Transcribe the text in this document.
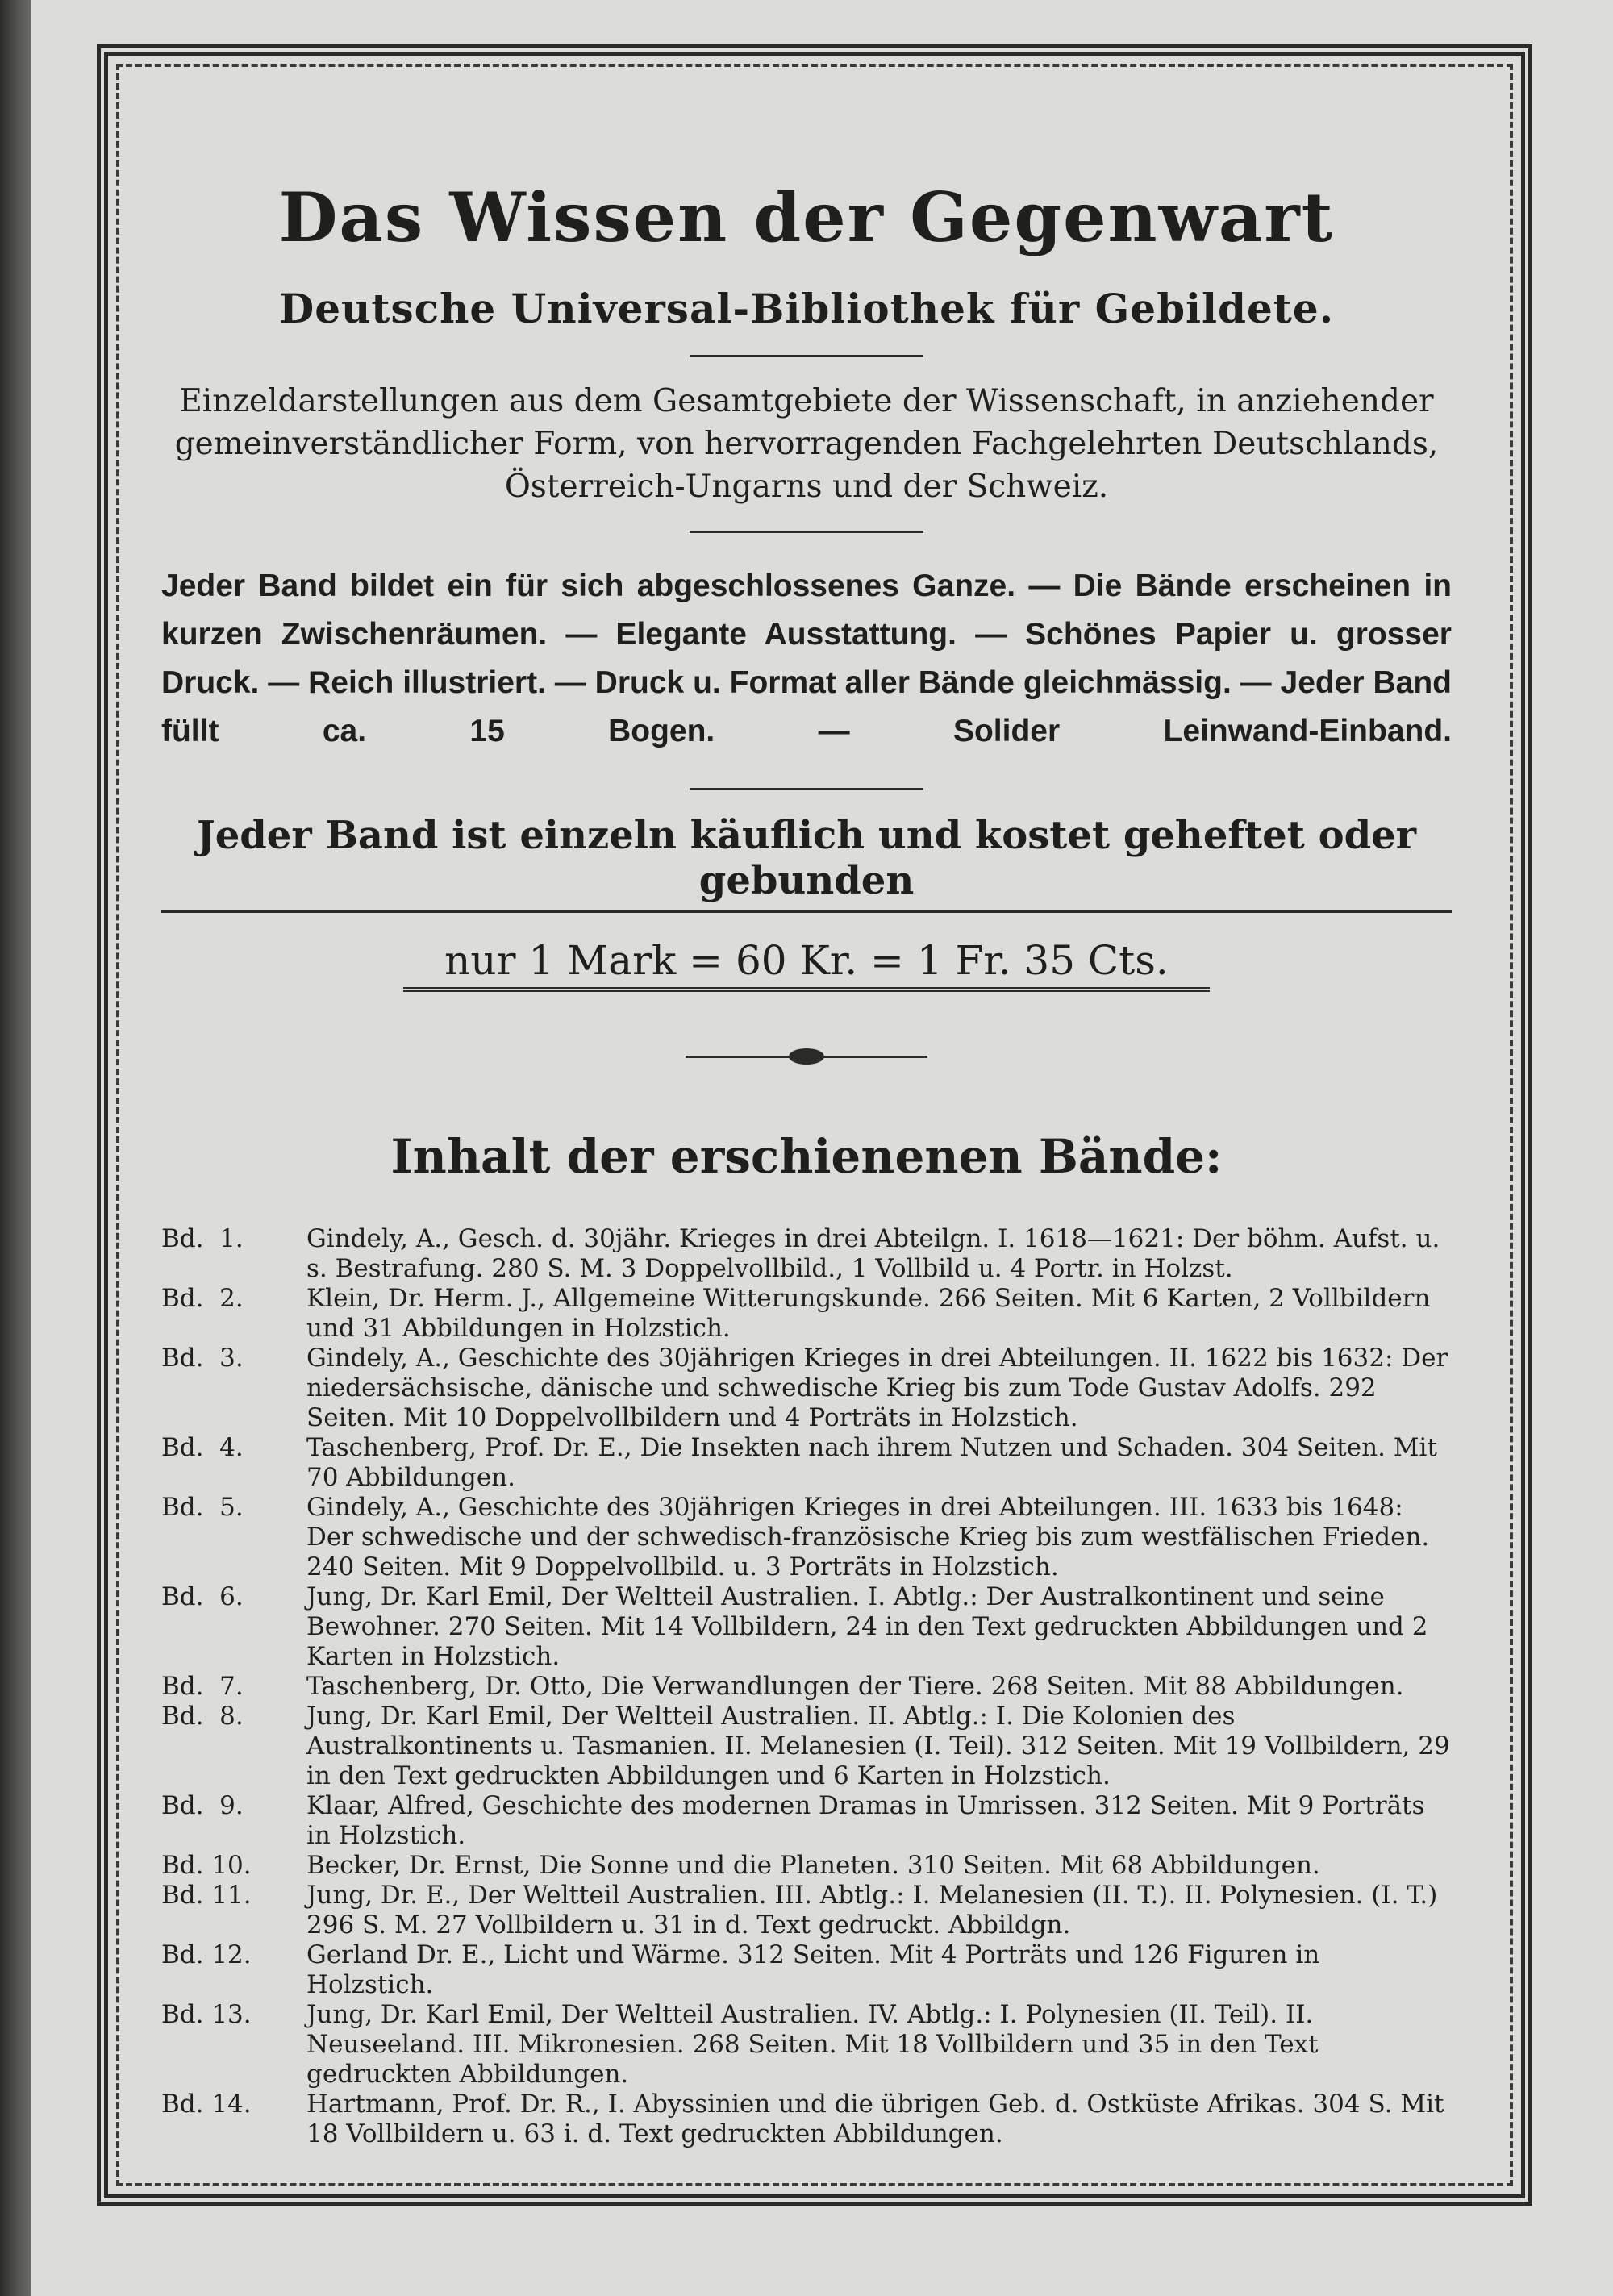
Das Wissen der Gegenwart
Deutsche Universal-Bibliothek für Gebildete.

Einzeldarstellungen aus dem Gesamtgebiete der Wissenschaft, in anziehender gemeinverständlicher Form, von hervorragenden Fachgelehrten Deutschlands, Österreich-Ungarns und der Schweiz.

Jeder Band bildet ein für sich abgeschlossenes Ganze. — Die Bände erscheinen in kurzen Zwischenräumen. — Elegante Ausstattung. — Schönes Papier u. grosser Druck. — Reich illustriert. — Druck u. Format aller Bände gleichmässig. — Jeder Band füllt ca. 15 Bogen. — Solider Leinwand-Einband.

Jeder Band ist einzeln käuflich und kostet geheftet oder gebunden

nur 1 Mark = 60 Kr. = 1 Fr. 35 Cts.
Inhalt der erschienenen Bände:
Bd.  1.	Gindely, A., Gesch. d. 30jähr. Krieges in drei Abteilgn. I. 1618—1621: Der böhm. Aufst. u. s. Bestrafung. 280 S. M. 3 Doppelvollbild., 1 Vollbild u. 4 Portr. in Holzst.
Bd.  2.	Klein, Dr. Herm. J., Allgemeine Witterungskunde. 266 Seiten. Mit 6 Karten, 2 Vollbildern und 31 Abbildungen in Holzstich.
Bd.  3.	Gindely, A., Geschichte des 30jährigen Krieges in drei Abteilungen. II. 1622 bis 1632: Der niedersächsische, dänische und schwedische Krieg bis zum Tode Gustav Adolfs. 292 Seiten. Mit 10 Doppelvollbildern und 4 Porträts in Holzstich.
Bd.  4.	Taschenberg, Prof. Dr. E., Die Insekten nach ihrem Nutzen und Schaden. 304 Seiten. Mit 70 Abbildungen.
Bd.  5.	Gindely, A., Geschichte des 30jährigen Krieges in drei Abteilungen. III. 1633 bis 1648: Der schwedische und der schwedisch-französische Krieg bis zum westfälischen Frieden. 240 Seiten. Mit 9 Doppelvollbild. u. 3 Porträts in Holzstich.
Bd.  6.	Jung, Dr. Karl Emil, Der Weltteil Australien. I. Abtlg.: Der Australkontinent und seine Bewohner. 270 Seiten. Mit 14 Vollbildern, 24 in den Text gedruckten Abbildungen und 2 Karten in Holzstich.
Bd.  7.	Taschenberg, Dr. Otto, Die Verwandlungen der Tiere. 268 Seiten. Mit 88 Abbildungen.
Bd.  8.	Jung, Dr. Karl Emil, Der Weltteil Australien. II. Abtlg.: I. Die Kolonien des Australkontinents u. Tasmanien. II. Melanesien (I. Teil). 312 Seiten. Mit 19 Vollbildern, 29 in den Text gedruckten Abbildungen und 6 Karten in Holzstich.
Bd.  9.	Klaar, Alfred, Geschichte des modernen Dramas in Umrissen. 312 Seiten. Mit 9 Porträts in Holzstich.
Bd. 10. Becker, Dr. Ernst, Die Sonne und die Planeten. 310 Seiten. Mit 68 Abbildungen.
Bd. 11. Jung, Dr. E., Der Weltteil Australien. III. Abtlg.: I. Melanesien (II. T.). II. Polynesien. (I. T.) 296 S. M. 27 Vollbildern u. 31 in d. Text gedruckt. Abbildgn.
Bd. 12. Gerland Dr. E., Licht und Wärme. 312 Seiten. Mit 4 Porträts und 126 Figuren in Holzstich.
Bd. 13. Jung, Dr. Karl Emil, Der Weltteil Australien. IV. Abtlg.: I. Polynesien (II. Teil). II. Neuseeland. III. Mikronesien. 268 Seiten. Mit 18 Vollbildern und 35 in den Text gedruckten Abbildungen.
Bd. 14. Hartmann, Prof. Dr. R., I. Abyssinien und die übrigen Geb. d. Ostküste Afrikas. 304 S. Mit 18 Vollbildern u. 63 i. d. Text gedruckten Abbildungen.
